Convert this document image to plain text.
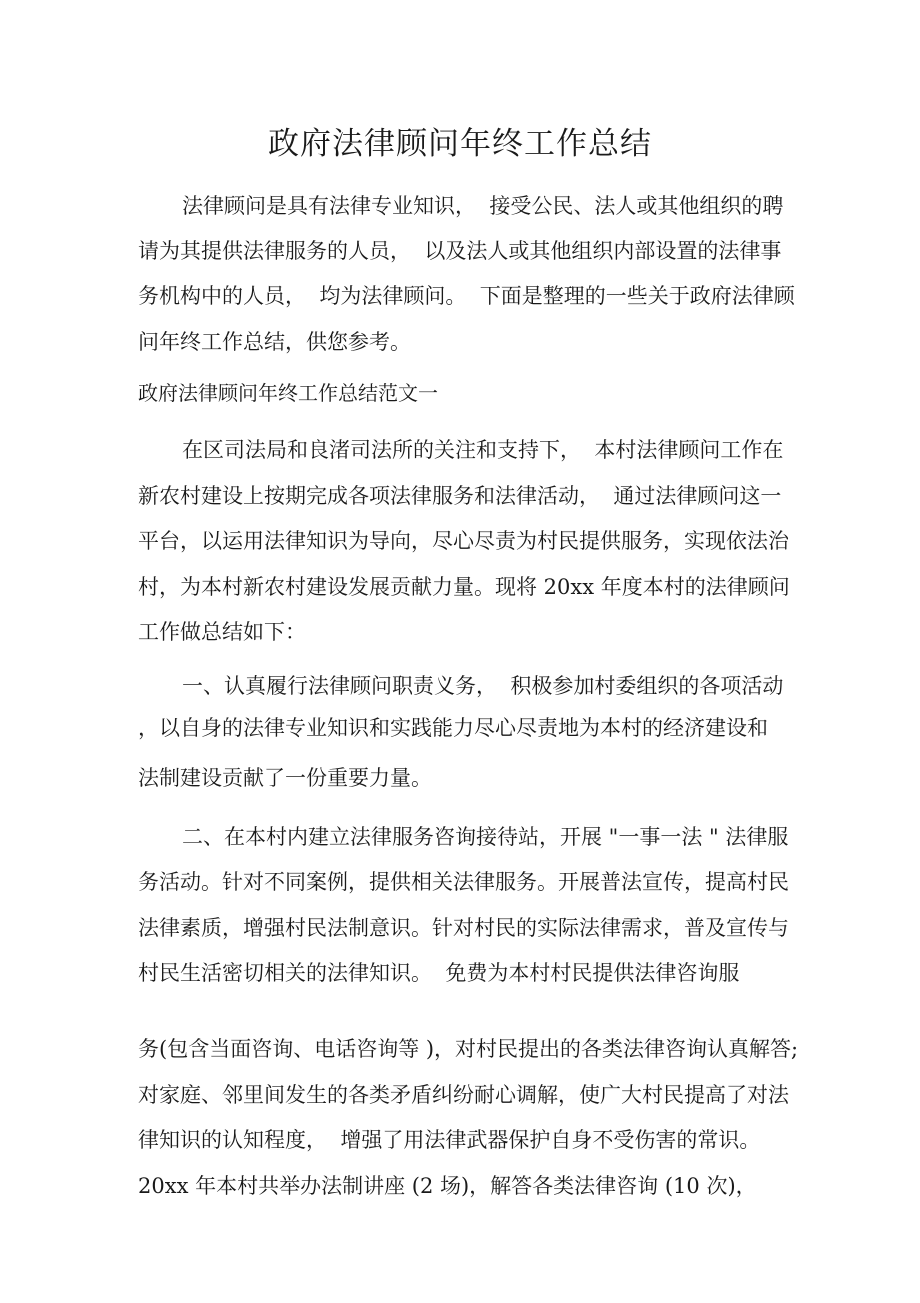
政府法律顾问年终工作总结
法律顾问是具有法律专业知识，  接受公民、法人或其他组织的聘
请为其提供法律服务的人员，  以及法人或其他组织内部设置的法律事
务机构中的人员，  均为法律顾问。  下面是整理的一些关于政府法律顾
问年终工作总结，供您参考。
政府法律顾问年终工作总结范文一
在区司法局和良渚司法所的关注和支持下，  本村法律顾问工作在
新农村建设上按期完成各项法律服务和法律活动，  通过法律顾问这一
平台，以运用法律知识为导向，尽心尽责为村民提供服务，实现依法治
村，为本村新农村建设发展贡献力量。现将 20xx 年度本村的法律顾问
工作做总结如下：
一、认真履行法律顾问职责义务，  积极参加村委组织的各项活动
，以自身的法律专业知识和实践能力尽心尽责地为本村的经济建设和
法制建设贡献了一份重要力量。
二、在本村内建立法律服务咨询接待站，开展 "一事一法 " 法律服
务活动。针对不同案例，提供相关法律服务。开展普法宣传，提高村民
法律素质，增强村民法制意识。针对村民的实际法律需求，普及宣传与
村民生活密切相关的法律知识。  免费为本村村民提供法律咨询服
务(包含当面咨询、电话咨询等 )，对村民提出的各类法律咨询认真解答;
对家庭、邻里间发生的各类矛盾纠纷耐心调解，使广大村民提高了对法
律知识的认知程度，  增强了用法律武器保护自身不受伤害的常识。
20xx 年本村共举办法制讲座 (2 场)，解答各类法律咨询 (10 次)，
